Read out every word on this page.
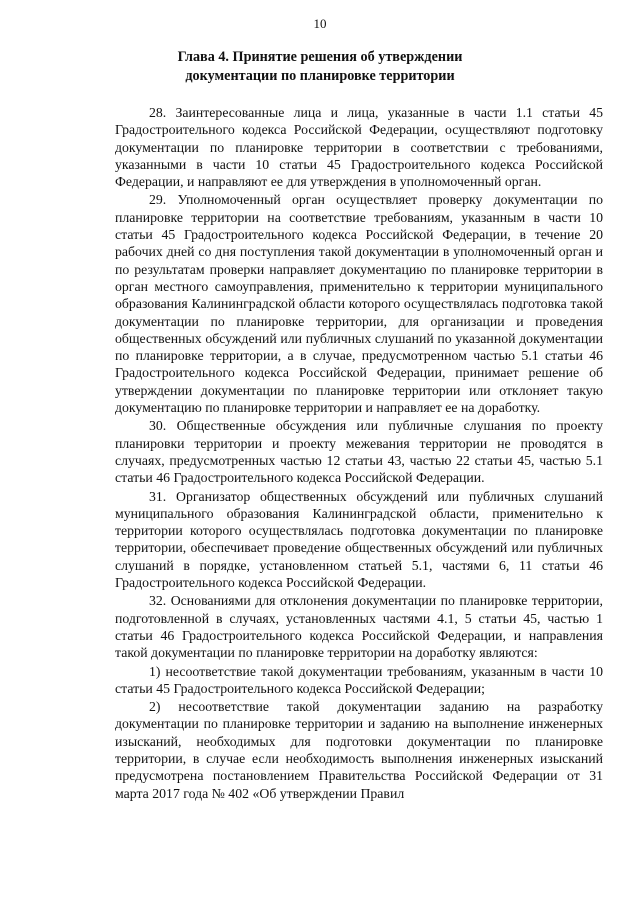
10
Глава 4. Принятие решения об утверждении
документации по планировке территории

28. Заинтересованные лица и лица, указанные в части 1.1 статьи 45 Градостроительного кодекса Российской Федерации, осуществляют подготовку документации по планировке территории в соответствии с требованиями, указанными в части 10 статьи 45 Градостроительного кодекса Российской Федерации, и направляют ее для утверждения в уполномоченный орган.

29. Уполномоченный орган осуществляет проверку документации по планировке территории на соответствие требованиям, указанным в части 10 статьи 45 Градостроительного кодекса Российской Федерации, в течение 20 рабочих дней со дня поступления такой документации в уполномоченный орган и по результатам проверки направляет документацию по планировке территории в орган местного самоуправления, применительно к территории муниципального образования Калининградской области которого осуществлялась подготовка такой документации по планировке территории, для организации и проведения общественных обсуждений или публичных слушаний по указанной документации по планировке территории, а в случае, предусмотренном частью 5.1 статьи 46 Градостроительного кодекса Российской Федерации, принимает решение об утверждении документации по планировке территории или отклоняет такую документацию по планировке территории и направляет ее на доработку.

30. Общественные обсуждения или публичные слушания по проекту планировки территории и проекту межевания территории не проводятся в случаях, предусмотренных частью 12 статьи 43, частью 22 статьи 45, частью 5.1 статьи 46 Градостроительного кодекса Российской Федерации.

31. Организатор общественных обсуждений или публичных слушаний муниципального образования Калининградской области, применительно к территории которого осуществлялась подготовка документации по планировке территории, обеспечивает проведение общественных обсуждений или публичных слушаний в порядке, установленном статьей 5.1, частями 6, 11 статьи 46 Градостроительного кодекса Российской Федерации.

32. Основаниями для отклонения документации по планировке территории, подготовленной в случаях, установленных частями 4.1, 5 статьи 45, частью 1 статьи 46 Градостроительного кодекса Российской Федерации, и направления такой документации по планировке территории на доработку являются:

1) несоответствие такой документации требованиям, указанным в части 10 статьи 45 Градостроительного кодекса Российской Федерации;

2) несоответствие такой документации заданию на разработку документации по планировке территории и заданию на выполнение инженерных изысканий, необходимых для подготовки документации по планировке территории, в случае если необходимость выполнения инженерных изысканий предусмотрена постановлением Правительства Российской Федерации от 31 марта 2017 года № 402 «Об утверждении Правил
